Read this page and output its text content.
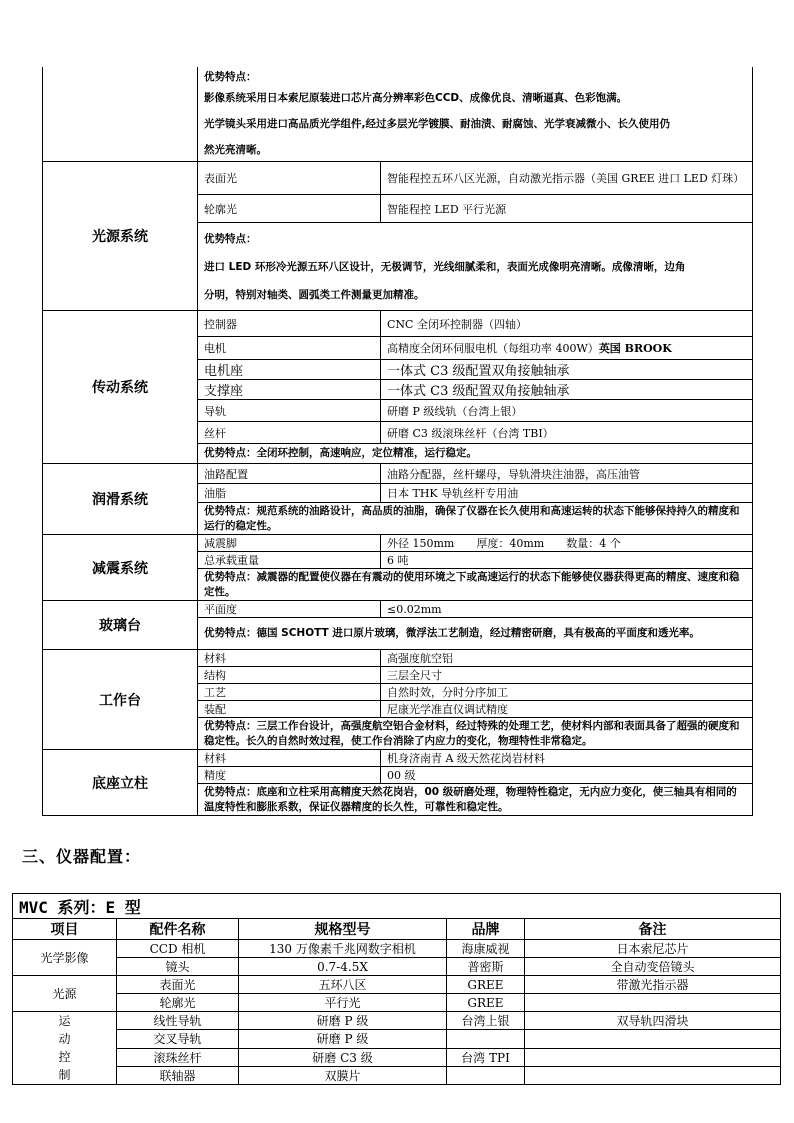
	优势特点：
影像系统采用日本索尼原装进口芯片高分辨率彩色CCD、成像优良、清晰逼真、色彩饱满。
光学镜头采用进口高品质光学组件,经过多层光学镀膜、耐油渍、耐腐蚀、光学衰减微小、长久使用仍
然光亮清晰。	

光源系统	表面光	智能程控五环八区光源，自动激光指示器（美国 GREE 进口 LED 灯珠）
	轮廓光	智能程控 LED 平行光源

	优势特点：
进口 LED 环形冷光源五环八区设计，无极调节，光线细腻柔和，表面光成像明亮清晰。成像清晰，边角
分明，特别对轴类、圆弧类工件测量更加精准。	

传动系统	控制器	CNC 全闭环控制器（四轴）
	电机	高精度全闭环伺服电机（每组功率 400W）英国 BROOK
	电机座	一体式 C3 级配置双角接触轴承
	支撑座	一体式 C3 级配置双角接触轴承
	导轨	研磨 P 级线轨（台湾上银）
	丝杆	研磨 C3 级滚珠丝杆（台湾 TBI）
	优势特点：全闭环控制，高速响应，定位精准，运行稳定。	
润滑系统	油路配置	油路分配器，丝杆螺母，导轨滑块注油器，高压油管
	油脂	日本 THK 导轨丝杆专用油
	优势特点：规范系统的油路设计，高品质的油脂，确保了仪器在长久使用和高速运转的状态下能够保持持久的精度和运行的稳定性。	
减震系统	减震脚	外径 150mm　　厚度：40mm　　数量：4 个
	总承载重量	6 吨
	优势特点：减震器的配置使仪器在有震动的使用环境之下或高速运行的状态下能够使仪器获得更高的精度、速度和稳定性。	
玻璃台	平面度	≤0.02mm
	优势特点：德国 SCHOTT 进口原片玻璃，微浮法工艺制造，经过精密研磨，具有极高的平面度和透光率。	
工作台	材料	高强度航空铝
	结构	三层全尺寸
	工艺	自然时效，分时分序加工
	装配	尼康光学准直仪调试精度
	优势特点：三层工作台设计，高强度航空铝合金材料，经过特殊的处理工艺，使材料内部和表面具备了超强的硬度和稳定性。长久的自然时效过程，使工作台消除了内应力的变化，物理特性非常稳定。	
底座立柱	材料	机身济南青 A 级天然花岗岩材料
	精度	00 级
	优势特点：底座和立柱采用高精度天然花岗岩，00 级研磨处理，物理特性稳定，无内应力变化，使三轴具有相同的温度特性和膨胀系数，保证仪器精度的长久性，可靠性和稳定性。	
三、仪器配置：
MVC 系列：E 型				
项目	配件名称	规格型号	品牌	备注
光学影像	CCD 相机	130 万像素千兆网数字相机	海康威视	日本索尼芯片
	镜头	0.7-4.5X	普密斯	全自动变倍镜头
光源	表面光	五环八区	GREE	带激光指示器
	轮廓光	平行光	GREE	

运
动
控
制	线性导轨	研磨 P 级	台湾上银	双导轨四滑块
	交叉导轨	研磨 P 级		
	滚珠丝杆	研磨 C3 级	台湾 TPI	
	联轴器	双膜片		
